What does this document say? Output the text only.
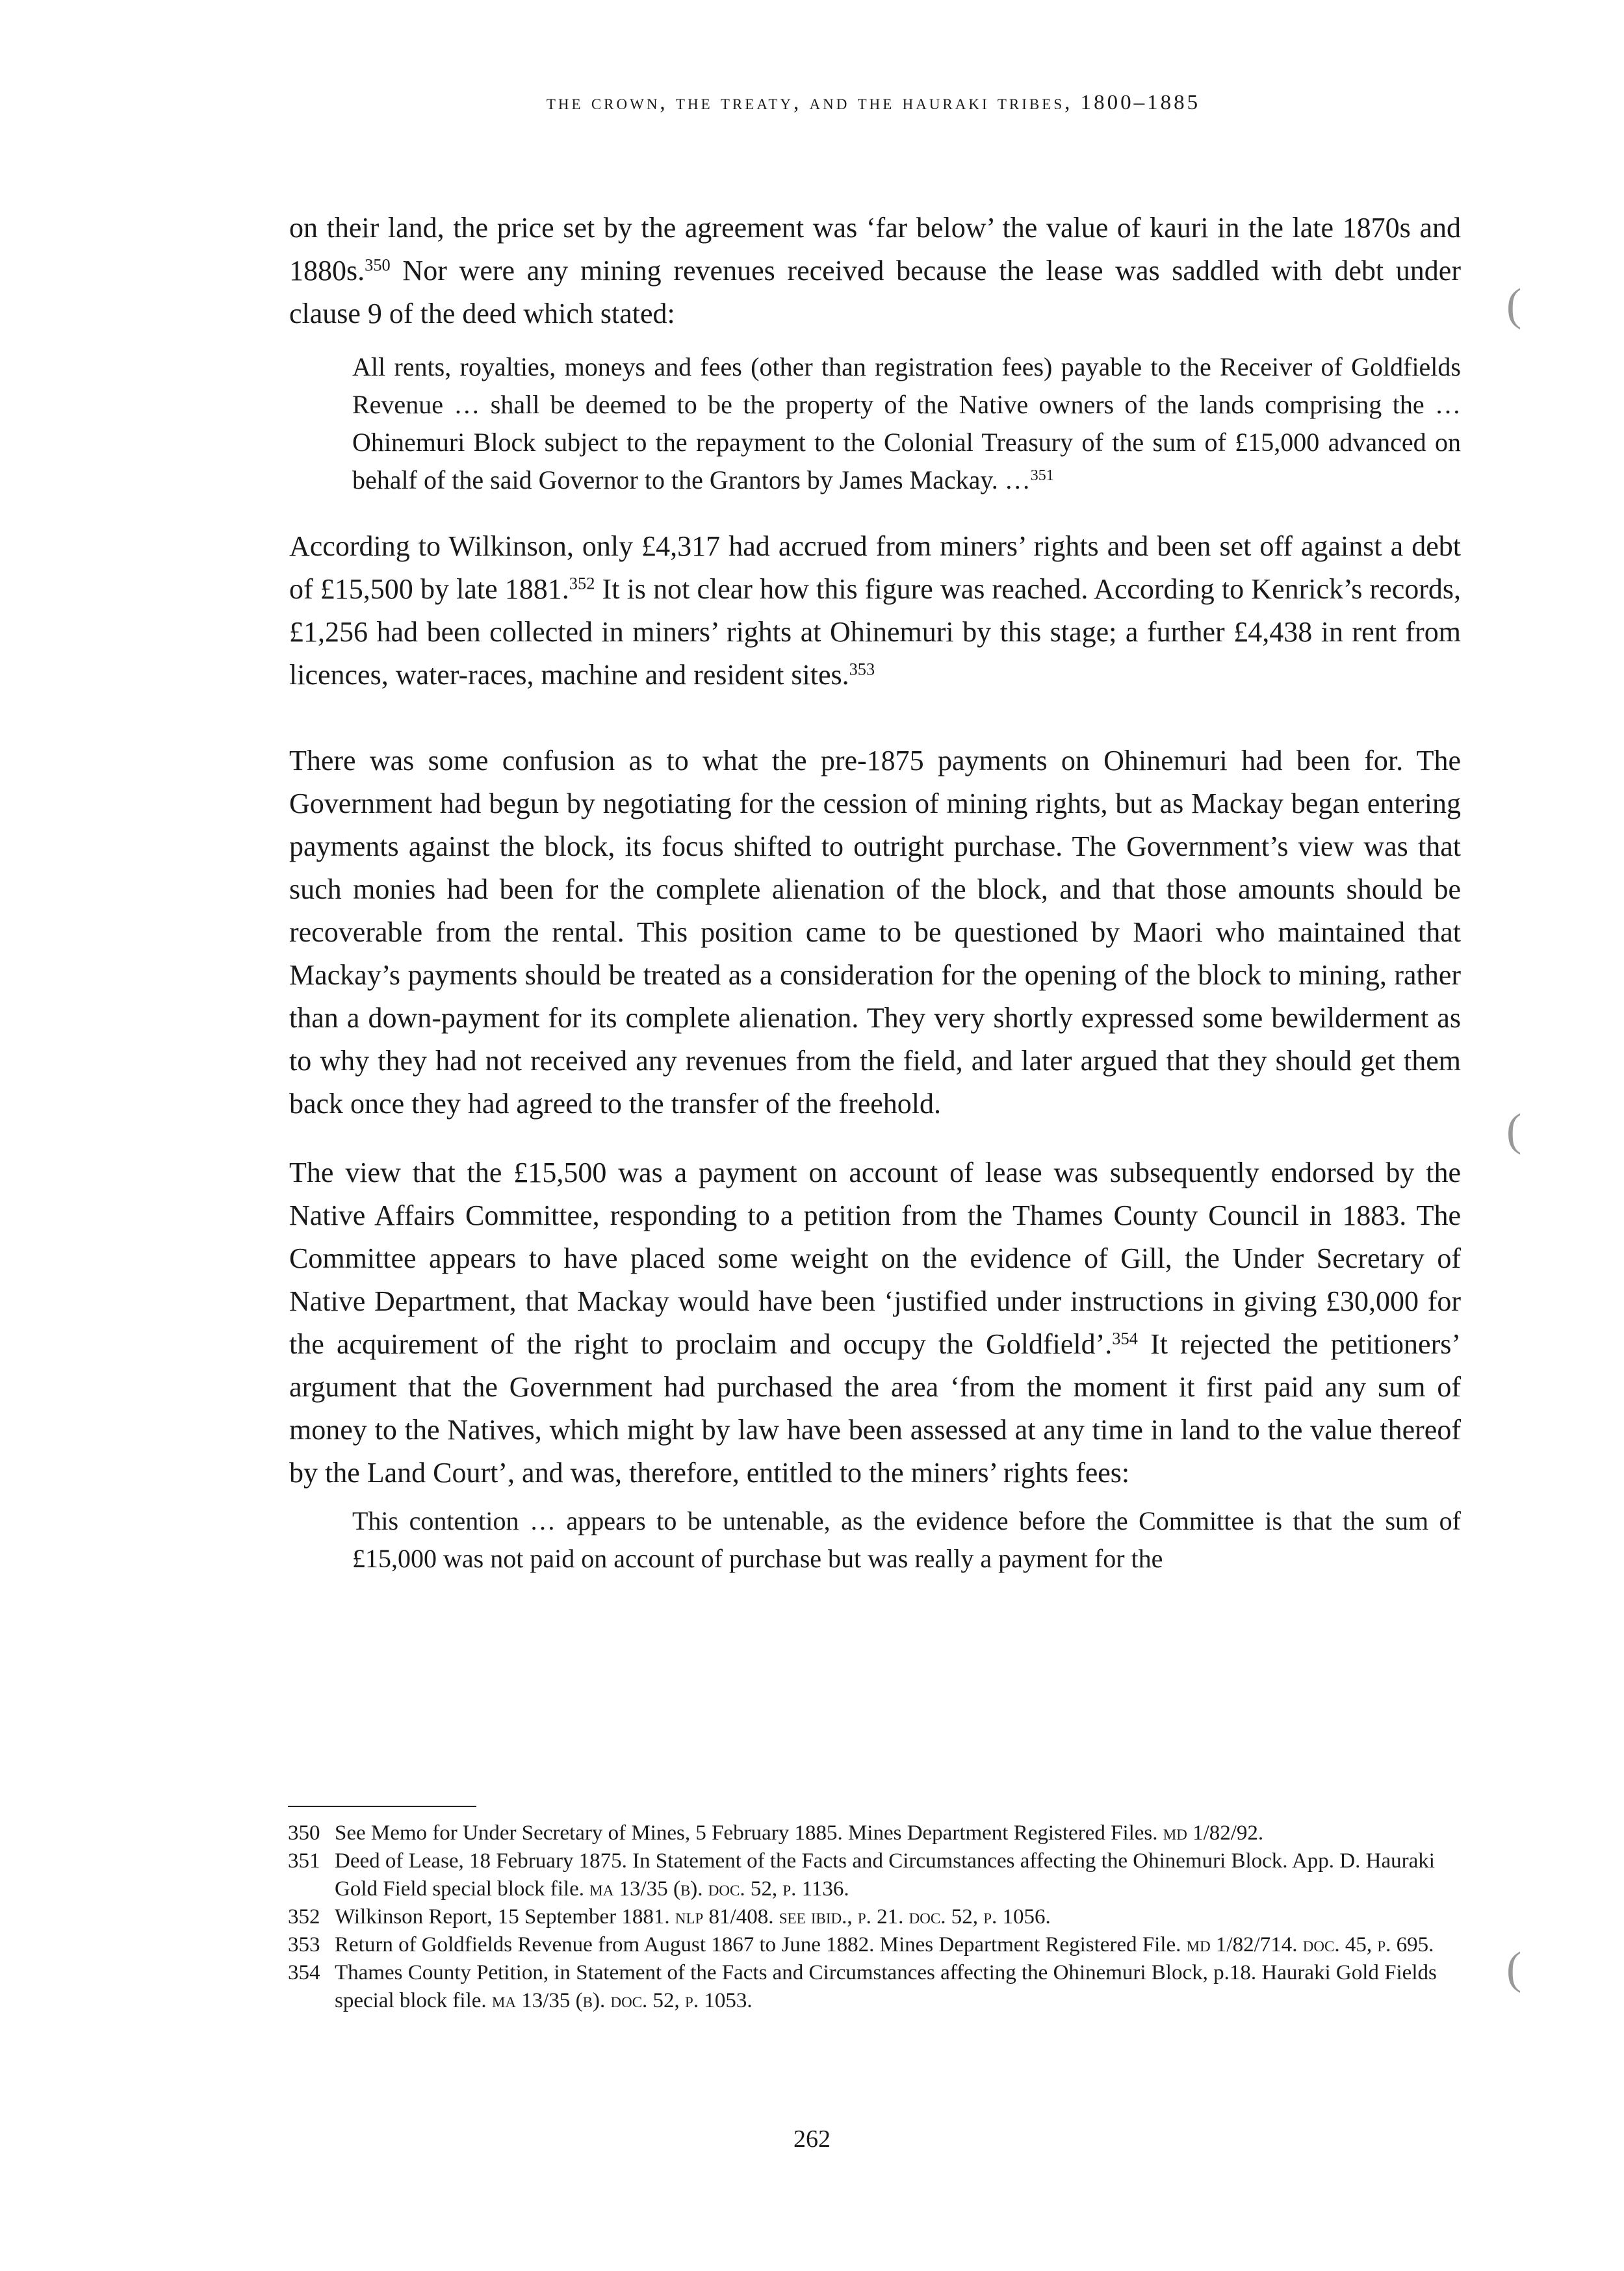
the crown, the treaty, and the hauraki tribes, 1800–1885

on their land, the price set by the agreement was ‘far below’ the value of kauri in the late 1870s and 1880s.$^{350}$ Nor were any mining revenues received because the lease was saddled with debt under clause 9 of the deed which stated:

All rents, royalties, moneys and fees (other than registration fees) payable to the Receiver of Goldfields Revenue … shall be deemed to be the property of the Native owners of the lands comprising the … Ohinemuri Block subject to the repayment to the Colonial Treasury of the sum of £15,000 advanced on behalf of the said Governor to the Grantors by James Mackay. …$^{351}$

According to Wilkinson, only £4,317 had accrued from miners’ rights and been set off against a debt of £15,500 by late 1881.$^{352}$ It is not clear how this figure was reached. According to Kenrick’s records, £1,256 had been collected in miners’ rights at Ohinemuri by this stage; a further £4,438 in rent from licences, water-races, machine and resident sites.$^{353}$

There was some confusion as to what the pre-1875 payments on Ohinemuri had been for. The Government had begun by negotiating for the cession of mining rights, but as Mackay began entering payments against the block, its focus shifted to outright purchase. The Government’s view was that such monies had been for the complete alienation of the block, and that those amounts should be recoverable from the rental. This position came to be questioned by Maori who maintained that Mackay’s payments should be treated as a consideration for the opening of the block to mining, rather than a down-payment for its complete alienation. They very shortly expressed some bewilderment as to why they had not received any revenues from the field, and later argued that they should get them back once they had agreed to the transfer of the freehold.

The view that the £15,500 was a payment on account of lease was subsequently endorsed by the Native Affairs Committee, responding to a petition from the Thames County Council in 1883. The Committee appears to have placed some weight on the evidence of Gill, the Under Secretary of Native Department, that Mackay would have been ‘justified under instructions in giving £30,000 for the acquirement of the right to proclaim and occupy the Goldfield’.$^{354}$ It rejected the petitioners’ argument that the Government had purchased the area ‘from the moment it first paid any sum of money to the Natives, which might by law have been assessed at any time in land to the value thereof by the Land Court’, and was, therefore, entitled to the miners’ rights fees:

This contention … appears to be untenable, as the evidence before the Committee is that the sum of £15,000 was not paid on account of purchase but was really a payment for the
350 See Memo for Under Secretary of Mines, 5 February 1885. Mines Department Registered Files. md 1/82/92.
351 Deed of Lease, 18 February 1875. In Statement of the Facts and Circumstances affecting the Ohinemuri Block. App. D. Hauraki Gold Field special block file. ma 13/35 (b). doc. 52, p. 1136.
352 Wilkinson Report, 15 September 1881. nlp 81/408. see ibid., p. 21. doc. 52, p. 1056.
353 Return of Goldfields Revenue from August 1867 to June 1882. Mines Department Registered File. md 1/82/714. doc. 45, p. 695.
354 Thames County Petition, in Statement of the Facts and Circumstances affecting the Ohinemuri Block, p.18. Hauraki Gold Fields special block file. ma 13/35 (b). doc. 52, p. 1053.
262
(
(
(
